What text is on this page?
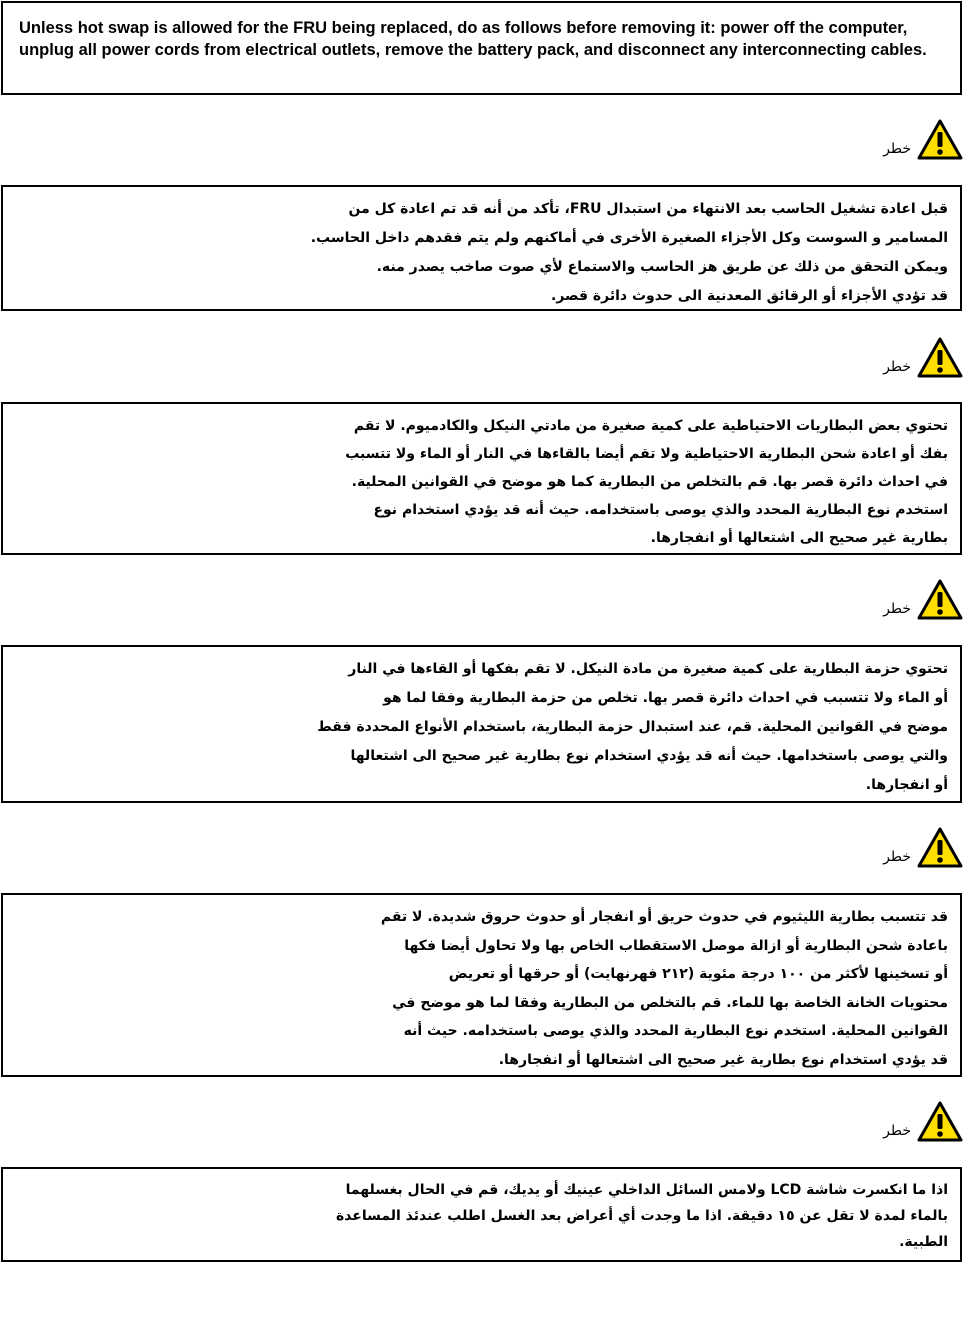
Unless hot swap is allowed for the FRU being replaced, do as follows before removing it: power off the computer, unplug all power cords from electrical outlets, remove the battery pack, and disconnect any interconnecting cables.
خطر

قبل اعادة تشغيل الحاسب بعد الانتهاء من استبدال FRU، تأكد من أنه قد تم اعادة كل من

المسامير و السوست وكل الأجزاء الصغيرة الأخرى في أماكنهم ولم يتم فقدهم داخل الحاسب.

ويمكن التحقق من ذلك عن طريق هز الحاسب والاستماع لأي صوت صاخب يصدر منه.

قد تؤدي الأجزاء أو الرقائق المعدنية الى حدوث دائرة قصر.

خطر

تحتوي بعض البطاريات الاحتياطية على كمية صغيرة من مادتي النيكل والكادميوم. لا تقم

بفك أو اعادة شحن البطارية الاحتياطية ولا تقم أيضا بالقاءها في النار أو الماء ولا تتسبب

في احداث دائرة قصر بها. قم بالتخلص من البطارية كما هو موضح في القوانين المحلية.

استخدم نوع البطارية المحدد والذي يوصى باستخدامه. حيث أنه قد يؤدي استخدام نوع

بطارية غير صحيح الى اشتعالها أو انفجارها.

خطر

تحتوي حزمة البطارية على كمية صغيرة من مادة النيكل. لا تقم بفكها أو القاءها في النار

أو الماء ولا تتسبب في احداث دائرة قصر بها. تخلص من حزمة البطارية وفقا لما هو

موضح في القوانين المحلية. قم، عند استبدال حزمة البطارية، باستخدام الأنواع المحددة فقط

والتي يوصى باستخدامها. حيث أنه قد يؤدي استخدام نوع بطارية غير صحيح الى اشتعالها

أو انفجارها.

خطر

قد تتسبب بطارية الليثيوم في حدوث حريق أو انفجار أو حدوث حروق شديدة. لا تقم

باعادة شحن البطارية أو ازالة موصل الاستقطاب الخاص بها ولا تحاول أيضا فكها

أو تسخينها لأكثر من ١٠٠ درجة مئوية (٢١٢ فهرنهايت) أو حرقها أو تعريض

محتويات الخانة الخاصة بها للماء. قم بالتخلص من البطارية وفقا لما هو موضح في

القوانين المحلية. استخدم نوع البطارية المحدد والذي يوصى باستخدامه. حيث أنه

قد يؤدي استخدام نوع بطارية غير صحيح الى اشتعالها أو انفجارها.

خطر

اذا ما انكسرت شاشة LCD ولامس السائل الداخلي عينيك أو يديك، قم في الحال بغسلهما

بالماء لمدة لا تقل عن ١٥ دقيقة. اذا ما وجدت أي أعراض بعد الغسل اطلب عندئذ المساعدة

الطبية.
